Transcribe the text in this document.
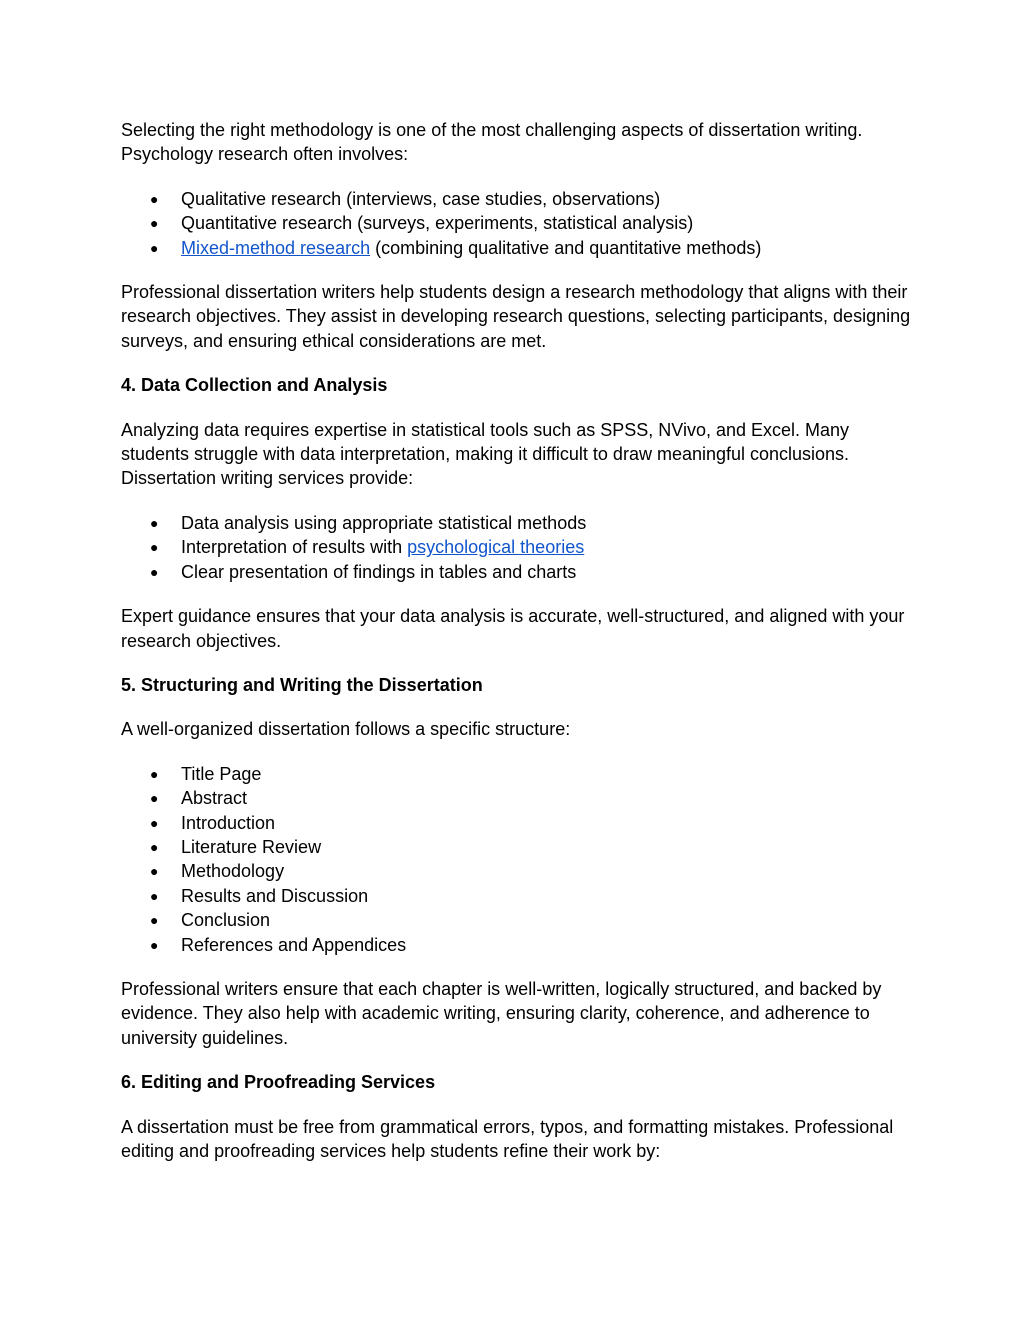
Selecting the right methodology is one of the most challenging aspects of dissertation writing. Psychology research often involves:

● Qualitative research (interviews, case studies, observations)
● Quantitative research (surveys, experiments, statistical analysis)
● Mixed-method research (combining qualitative and quantitative methods)

Professional dissertation writers help students design a research methodology that aligns with their research objectives. They assist in developing research questions, selecting participants, designing surveys, and ensuring ethical considerations are met.

4. Data Collection and Analysis

Analyzing data requires expertise in statistical tools such as SPSS, NVivo, and Excel. Many students struggle with data interpretation, making it difficult to draw meaningful conclusions. Dissertation writing services provide:

● Data analysis using appropriate statistical methods
● Interpretation of results with psychological theories
● Clear presentation of findings in tables and charts

Expert guidance ensures that your data analysis is accurate, well-structured, and aligned with your research objectives.

5. Structuring and Writing the Dissertation

A well-organized dissertation follows a specific structure:

● Title Page
● Abstract
● Introduction
● Literature Review
● Methodology
● Results and Discussion
● Conclusion
● References and Appendices

Professional writers ensure that each chapter is well-written, logically structured, and backed by evidence. They also help with academic writing, ensuring clarity, coherence, and adherence to university guidelines.

6. Editing and Proofreading Services

A dissertation must be free from grammatical errors, typos, and formatting mistakes. Professional editing and proofreading services help students refine their work by:
